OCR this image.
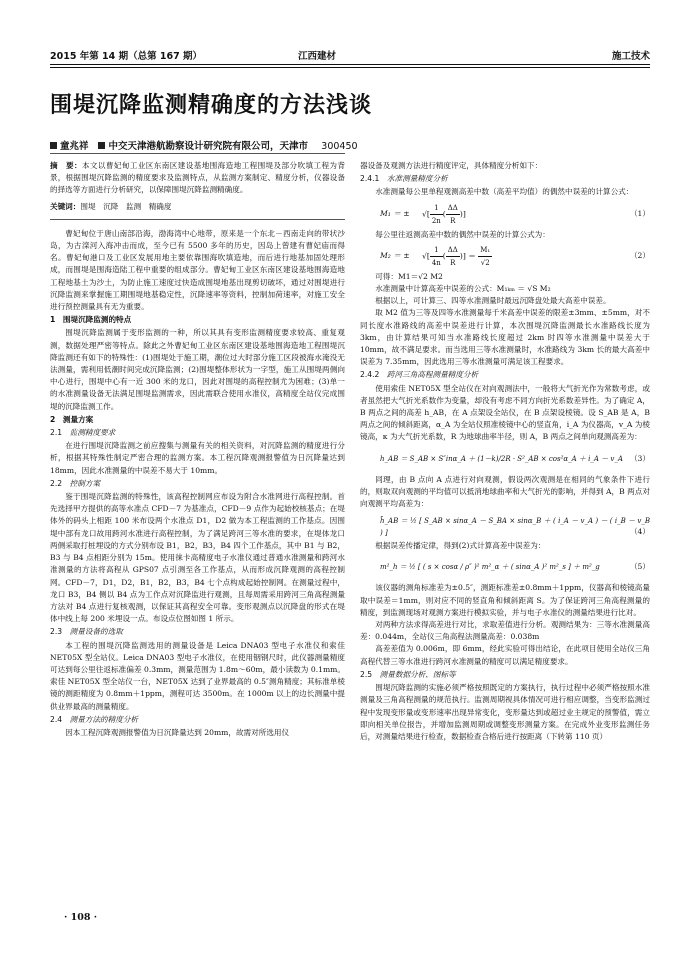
2015 年第 14 期（总第 167 期）	江西建材	施工技术
围堤沉降监测精确度的方法浅谈
童兆祥 中交天津港航勘察设计研究院有限公司，天津市 300450
摘　要：本文以曹妃甸工业区东南区建设基地围海造地工程围堤及部分吹填工程为背景，根据围堤沉降监测的精度要求及监测特点，从监测方案制定、精度分析，仪器设备的择选等方面进行分析研究，以保障围堤沉降监测精确度。
关键词：围堤　沉降　监测　精确度

曹妃甸位于唐山南部沿海，渤海湾中心地带，原来是一个东北－西南走向的带状沙岛，为古滦河入海冲击而成，至今已有 5500 多年的历史，因岛上曾建有曹妃庙而得名。曹妃甸港口及工业区发展用地主要依靠围海吹填造地，而后进行地基加固处理形成，而围堤是围海造陆工程中重要的组成部分。曹妃甸工业区东南区建设基地围海造地工程地基土为沙土，为防止施工速度过快造成围堤地基出现剪切破坏，通过对围堤进行沉降监测来掌握施工期围堤地基稳定性，沉降速率等资料，控制加荷速率，对施工安全进行预控测量具有无为重要。

1　围堤沉降监测的特点

围堤沉降监测属于变形监测的一种，所以其具有变形监测精度要求较高、重复观测，数据处理严密等特点。除此之外曹妃甸工业区东南区建设基地围海造地工程围堤沉降监测还有如下的特殊性：(1)围堤处于施工期，潮位过大时部分施工区段被海水淹没无法测量，需利用低潮时间完成沉降监测；(2)围堤整体形状为一字型，施工从围堤两侧向中心进行，围堤中心有一近 300 米的龙口，因此对围堤的高程控制尤为困难；(3)单一的水准测量设备无法满足围堤监测需求，因此需联合使用水准仪，高精度全站仪完成围堤的沉降监测工作。

2　测量方案
2.1　 监测精度要求

在进行围堤沉降监测之前应搜集与测量有关的相关资料，对沉降监测的精度进行分析，根据其特殊性制定严密合理的监测方案。本工程沉降观测报警值为日沉降量达到 18mm，因此水准测量的中误差不易大于 10mm。

2.2　 控制方案

鉴于围堤沉降监测的特殊性，该高程控制网应布设为附合水准网进行高程控制。首先选择甲方提供的高等水准点 CFD－7 为基准点，CFD－9 点作为起始校核基点；在堤体外的码头上相距 100 米布设两个水准点 D1，D2 做为本工程监测的工作基点。因围堤中部有龙口故用跨河水准进行高程控制，为了满足跨河三等水准的要求，在堤体龙口两侧采取打桩埋设的方式分别布设 B1，B2，B3，B4 四个工作基点，其中 B1 与 B2，B3 与 B4 点相距分别为 15m。使用徕卡高精度电子水准仪通过普通水准测量和跨河水准测量的方法将高程从 GPS07 点引测至各工作基点，从而形成沉降观测的高程控制网。CFD－7，D1，D2，B1，B2，B3，B4 七个点构成起始控制网。在测量过程中，龙口 B3，B4 侧以 B4 点为工作点对沉降监进行观测，且每周需采用跨河三角高程测量方法对 B4 点进行复核观测，以保证其高程安全可靠。变形观测点以沉降盘的形式在堤体中线上每 200 米埋设一点。布设点位图如图 1 所示。

2.3　 测量设备的选取

本工程的围堤沉降监测选用的测量设备是 Leica DNA03 型电子水准仪和索佳 NET05X 型全站仪。Leica DNA03 型电子水准仪，在使用铟钢尺时，此仪器测量精度可达到每公里往返标准偏差 0.3mm，测量范围为 1.8m～60m，最小读数为 0.1mm。索佳 NET05X 型全站仪一台，NET05X 达到了业界最高的 0.5″测角精度；其标准单棱镜的测距精度为 0.8mm＋1ppm，测程可达 3500m。在 1000m 以上的边长测量中提供业界最高的测量精度。

2.4　 测量方法的精度分析

因本工程沉降观测报警值为日沉降量达到 20mm，故需对所选用仪

器设备及观测方法进行精度评定，具体精度分析如下：

2.4.1　 水准测量精度分析

水准测量每公里单程观测高差中数（高差平均值）的偶然中误差的计算公式：

M₁ ＝ ± √[ $\frac{1}{2n}$ ( $\frac{\Delta\Delta}{R}$ )]	（1）

每公里往返测高差中数的偶然中误差的计算公式为：

M₂ ＝ ± √[ $\frac{1}{4n}$ ( $\frac{\Delta\Delta}{R}$ )] ＝ $\frac{\text{M₁}}{√2}$	（2）

可得：M1＝√2 M2

水准测量中计算高差中误差的公式：M₁ₖₘ ＝ √S M₂

根据以上，可计算三、四等水准测量时最远沉降盘处最大高差中误差。

取 M2 值为三等及四等水准测量每千米高差中误差的限差±3mm、±5mm，对不同长度水准路线的高差中误差进行计算，本次围堤沉降监测最长水准路线长度为 3km，由计算结果可知当水准路线长度超过 2km 时四等水准测量中误差大于 10mm，故不满足要求。而当选用三等水准测量时，水准路线为 3km 长的最大高差中误差为 7.35mm，因此选用三等水准测量可满足该工程要求。

2.4.2　 跨河三角高程测量精度分析

使用索佳 NET05X 型全站仪在对向观测法中，一般将大气折光作为常数考虑，或者虽然把大气折光系数作为变量，却没有考虑不同方向折光系数差异性。为了确定 A，B 两点之间的高差 h_AB，在 A 点架设全站仪，在 B 点架设棱镜。设 S_AB 是 A，B 两点之间的倾斜距离，α_A 为全站仪照准棱镜中心的竖直角，i_A 为仪器高，v_A 为棱镜高，κ 为大气折光系数，R 为地球曲率半径，则 A，B 两点之间单向观测高差为：

h_AB ＝ S_AB × S″inα_A ＋ (1－k)/2R · S²_AB × cos²α_A ＋ i_A － v_A （3）

同理，由 B 点向 A 点进行对向观测，假设两次观测是在相同的气象条件下进行的，则取双向观测的平均值可以抵消地球曲率和大气折光的影响，并得到 A，B 两点对向观测平均高差为：

h̄_AB ＝ ½ [ S_AB × sinα_A － S_BA × sinα_B ＋ ( i_A － v_A ) － ( i_B － v_B ) ]	（4）

根据误差传播定律，得到(2)式计算高差中误差为：

m²_h ＝ ½ [ ( s × cosα / ρ″ )² m²_α ＋ ( sinα_A )² m²_s ] ＋ m²_g	（5）

该仪器的测角标准差为±0.5″，测距标准差±0.8mm＋1ppm，仪器高和棱镜高量取中误差＝1mm，则对应不同的竖直角和倾斜距离 S。为了保证跨河三角高程测量的精度，到监测现场对观测方案进行模拟实验，并与电子水准仪的测量结果进行比对。

对两种方法求得高差进行对比，求取差值进行分析。观测结果为：三等水准测量高差：0.044m，全站仪三角高程法测量高差：0.038m

高差差值为 0.006m，即 6mm，经此实验可得出结论，在此项目使用全站仪三角高程代替三等水准进行跨河水准测量的精度可以满足精度要求。

2.5　 测量数据分析、图标等

围堤沉降监测的实施必须严格按照既定的方案执行，执行过程中必须严格按照水准测量及三角高程测量的规范执行。监测周期视具体情况可进行相应调整，当变形监测过程中发现变形量或变形速率出现异常变化，变形量达到或超过业主规定的预警值，需立即向相关单位报告，并增加监测周期或调整变形测量方案。在完成外业变形监测任务后，对测量结果进行检查，数据检查合格后进行按距离（下转第 110 页）

· 108 ·
